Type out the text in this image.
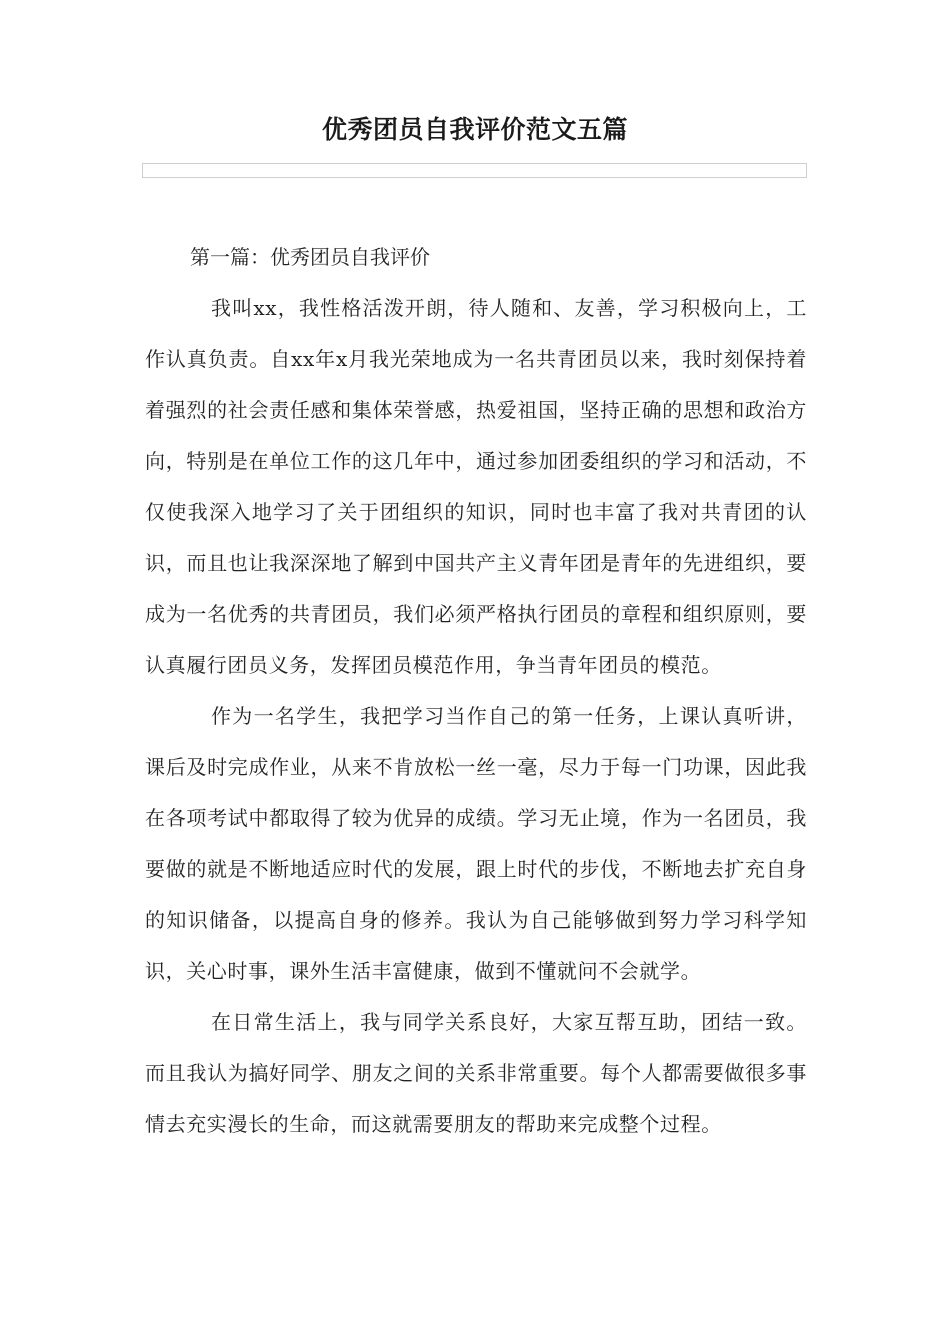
优秀团员自我评价范文五篇

第一篇：优秀团员自我评价

我叫xx，我性格活泼开朗，待人随和、友善，学习积极向上，工作认真负责。自xx年x月我光荣地成为一名共青团员以来，我时刻保持着着强烈的社会责任感和集体荣誉感，热爱祖国，坚持正确的思想和政治方向，特别是在单位工作的这几年中，通过参加团委组织的学习和活动，不仅使我深入地学习了关于团组织的知识，同时也丰富了我对共青团的认识，而且也让我深深地了解到中国共产主义青年团是青年的先进组织，要成为一名优秀的共青团员，我们必须严格执行团员的章程和组织原则，要认真履行团员义务，发挥团员模范作用，争当青年团员的模范。

作为一名学生，我把学习当作自己的第一任务，上课认真听讲，课后及时完成作业，从来不肯放松一丝一毫，尽力于每一门功课，因此我在各项考试中都取得了较为优异的成绩。学习无止境，作为一名团员，我要做的就是不断地适应时代的发展，跟上时代的步伐，不断地去扩充自身的知识储备，以提高自身的修养。我认为自己能够做到努力学习科学知识，关心时事，课外生活丰富健康，做到不懂就问不会就学。

在日常生活上，我与同学关系良好，大家互帮互助，团结一致。而且我认为搞好同学、朋友之间的关系非常重要。每个人都需要做很多事情去充实漫长的生命，而这就需要朋友的帮助来完成整个过程。
